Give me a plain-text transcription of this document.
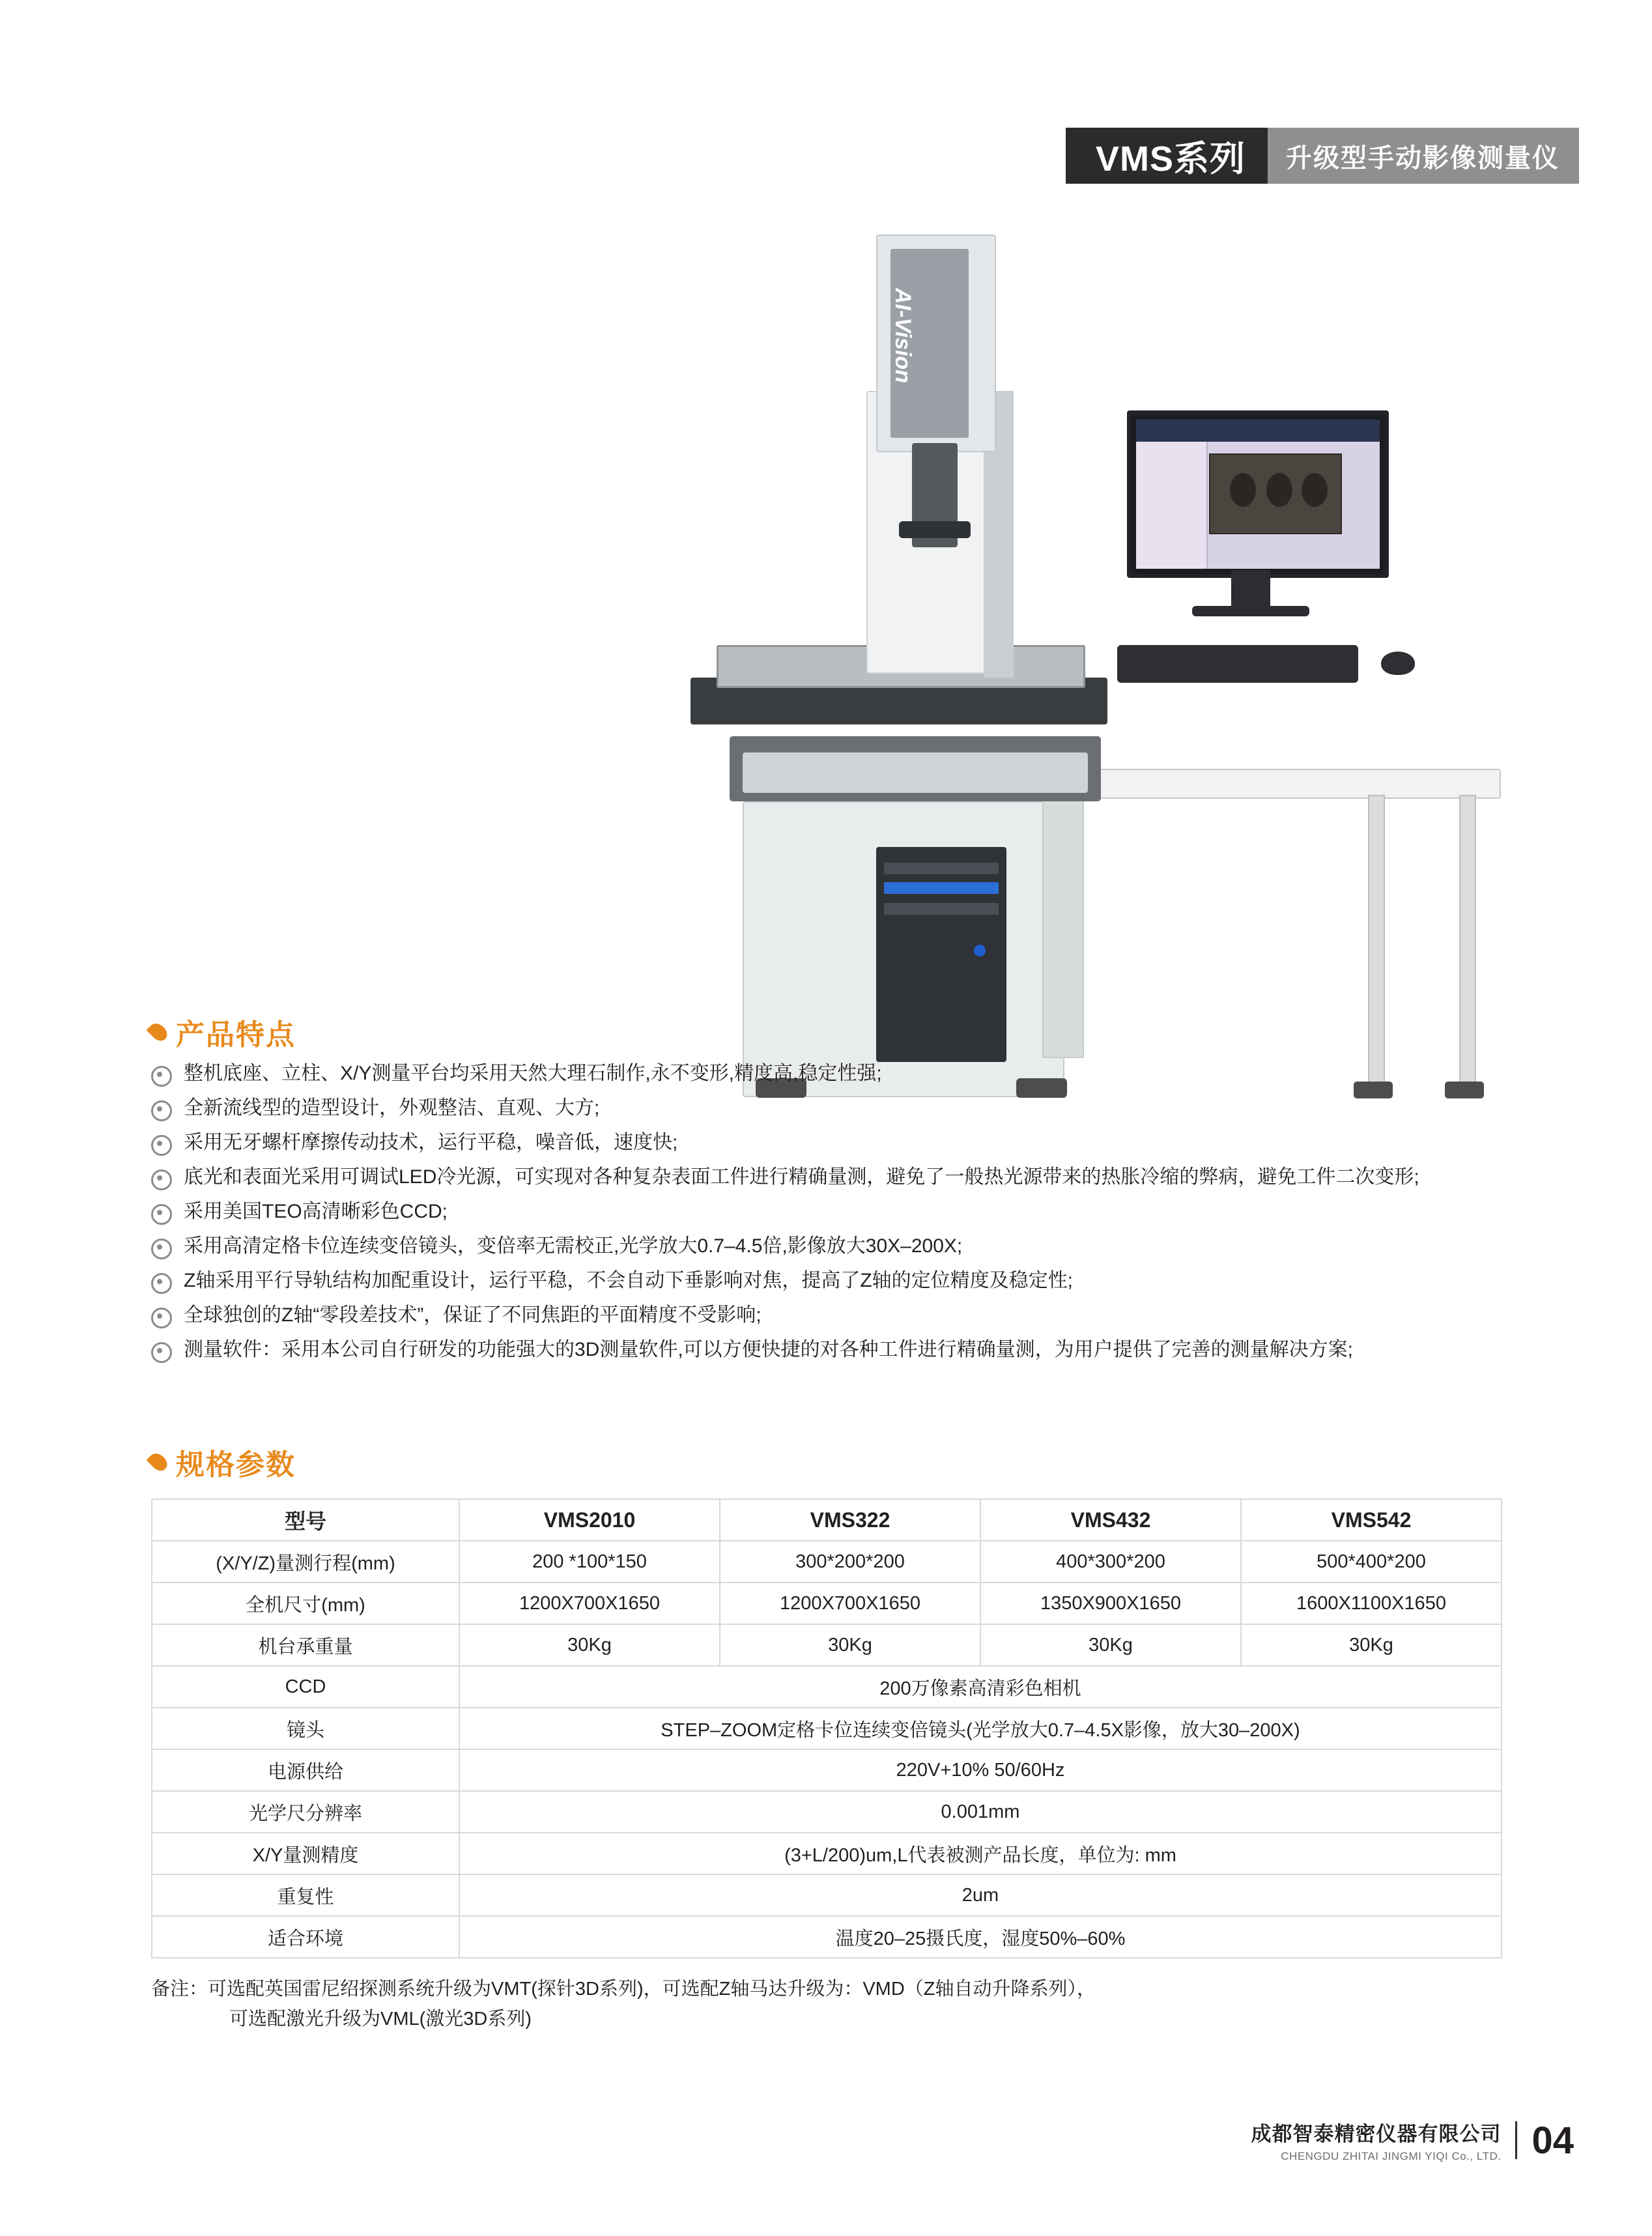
VMS系列 升级型手动影像测量仪
AI-Vision
产品特点
整机底座、立柱、X/Y测量平台均采用天然大理石制作,永不变形,精度高,稳定性强;
全新流线型的造型设计，外观整洁、直观、大方;
采用无牙螺杆摩擦传动技术，运行平稳，噪音低，速度快;
底光和表面光采用可调试LED冷光源，可实现对各种复杂表面工件进行精确量测，避免了一般热光源带来的热胀冷缩的弊病，避免工件二次变形;
采用美国TEO高清晰彩色CCD;
采用高清定格卡位连续变倍镜头，变倍率无需校正,光学放大0.7–4.5倍,影像放大30X–200X;
Z轴采用平行导轨结构加配重设计，运行平稳，不会自动下垂影响对焦，提高了Z轴的定位精度及稳定性;
全球独创的Z轴“零段差技术”，保证了不同焦距的平面精度不受影响;
测量软件：采用本公司自行研发的功能强大的3D测量软件,可以方便快捷的对各种工件进行精确量测，为用户提供了完善的测量解决方案;
规格参数
型号	VMS2010	VMS322	VMS432	VMS542
(X/Y/Z)量测行程(mm)	200 *100*150	300*200*200	400*300*200	500*400*200
全机尺寸(mm)	1200X700X1650	1200X700X1650	1350X900X1650	1600X1100X1650
机台承重量	30Kg	30Kg	30Kg	30Kg
CCD	200万像素高清彩色相机			
镜头	STEP–ZOOM定格卡位连续变倍镜头(光学放大0.7–4.5X影像，放大30–200X)			
电源供给	220V+10% 50/60Hz			
光学尺分辨率	0.001mm			
X/Y量测精度	(3+L/200)um,L代表被测产品长度，单位为: mm			
重复性	2um			
适合环境	温度20–25摄氏度，湿度50%–60%			
备注：可选配英国雷尼绍探测系统升级为VMT(探针3D系列)，可选配Z轴马达升级为：VMD（Z轴自动升降系列），
可选配激光升级为VML(激光3D系列)
成都智泰精密仪器有限公司
CHENGDU ZHITAI JINGMI YIQI Co., LTD. 04
